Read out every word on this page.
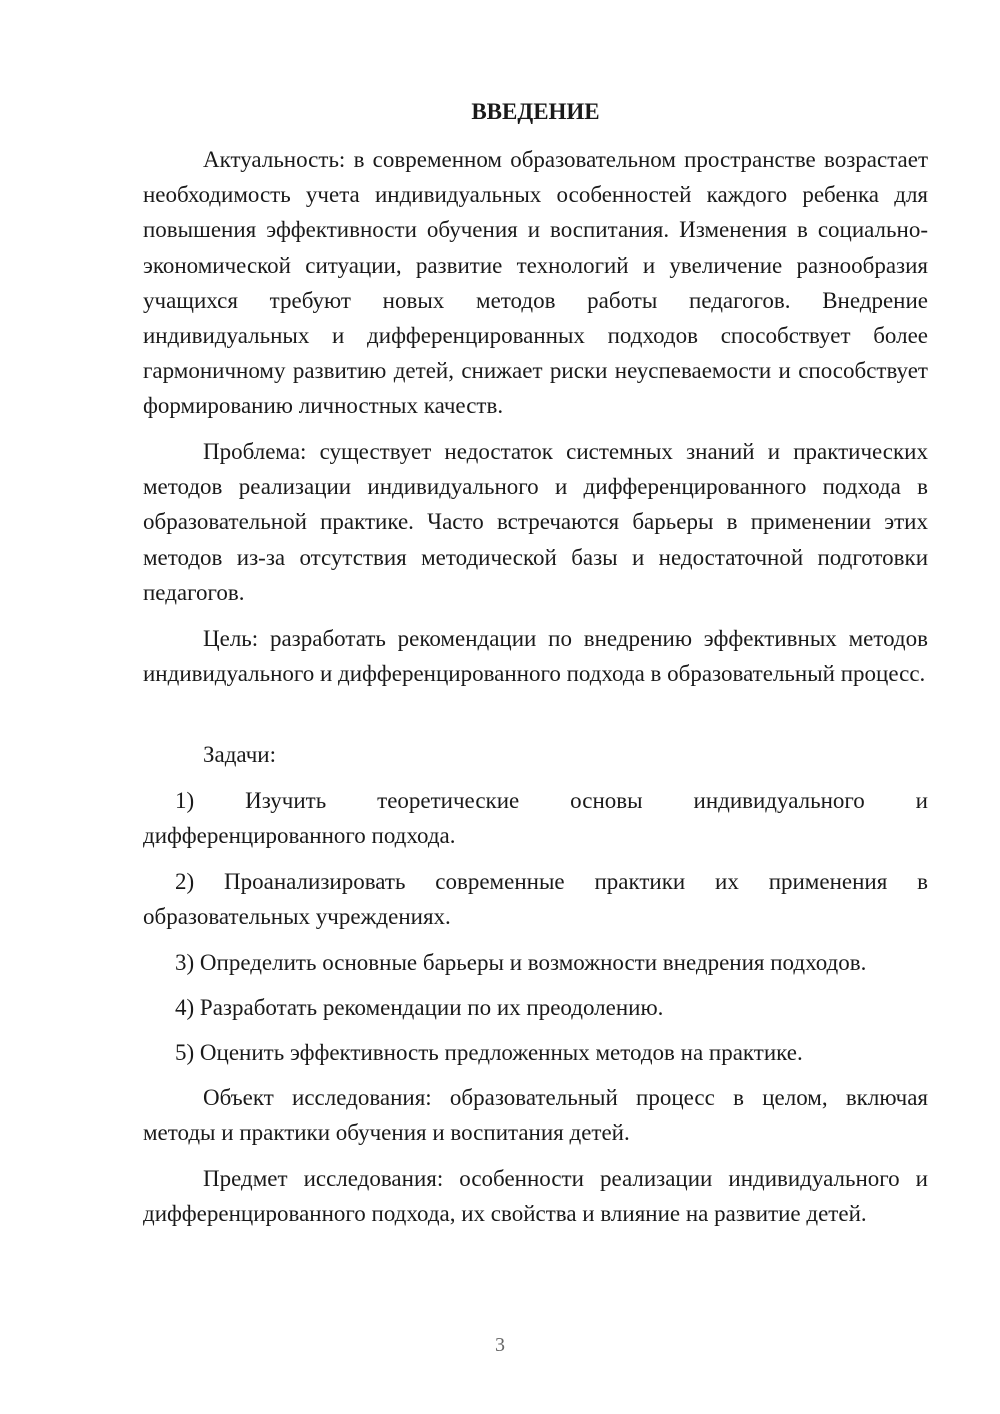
ВВЕДЕНИЕ

Актуальность: в современном образовательном пространстве возрастает необходимость учета индивидуальных особенностей каждого ребенка для повышения эффективности обучения и воспитания. Изменения в социально-экономической ситуации, развитие технологий и увеличение разнообразия учащихся требуют новых методов работы педагогов. Внедрение индивидуальных и дифференцированных подходов способствует более гармоничному развитию детей, снижает риски неуспеваемости и способствует формированию личностных качеств.

Проблема: существует недостаток системных знаний и практических методов реализации индивидуального и дифференцированного подхода в образовательной практике. Часто встречаются барьеры в применении этих методов из-за отсутствия методической базы и недостаточной подготовки педагогов.

Цель: разработать рекомендации по внедрению эффективных методов индивидуального и дифференцированного подхода в образовательный процесс.

Задачи:

1) Изучить теоретические основы индивидуального и дифференцированного подхода.

2) Проанализировать современные практики их применения в образовательных учреждениях.

3) Определить основные барьеры и возможности внедрения подходов.

4) Разработать рекомендации по их преодолению.

5) Оценить эффективность предложенных методов на практике.

Объект исследования: образовательный процесс в целом, включая методы и практики обучения и воспитания детей.

Предмет исследования: особенности реализации индивидуального и дифференцированного подхода, их свойства и влияние на развитие детей.

3
